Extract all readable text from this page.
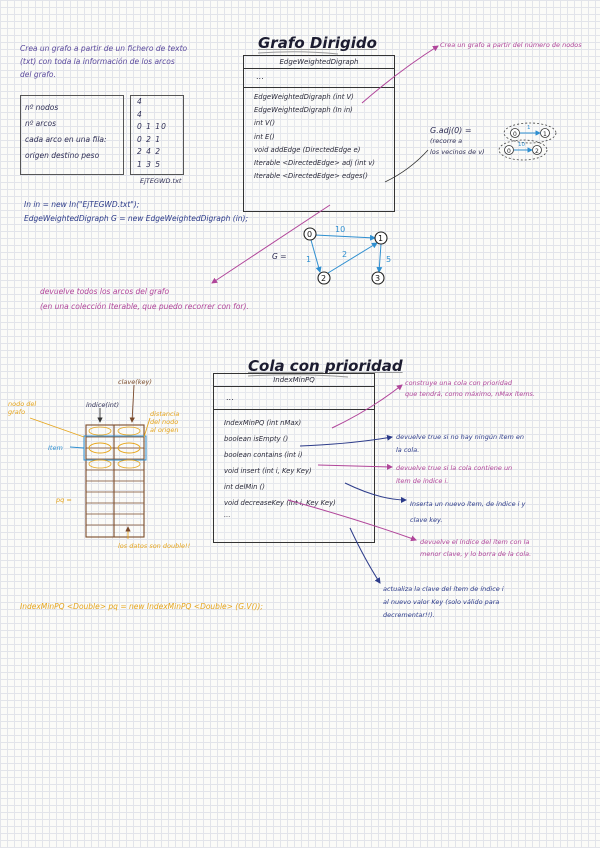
Grafo Dirigido
Crea un grafo a partir de un fichero de texto
(txt) con toda la información de los arcos
del grafo.
nº nodos
nº arcos
cada arco en una fila:
origen destino peso
4
4
0 1 10
0 2 1
2 4 2
1 3 5
EjTEGWD.txt
In in = new In("EjTEGWD.txt");
EdgeWeightedDigraph G = new EdgeWeightedDigraph (in);
EdgeWeightedDigraph
...
EdgeWeightedDigraph (int V)
EdgeWeightedDigraph (In in)
int V()
int E()
void addEdge (DirectedEdge e)
Iterable <DirectedEdge> adj (int v)
Iterable <DirectedEdge> edges()
Crea un grafo a partir del número de nodos
G.adj(0) =
(recorre a
los vecinos de v)
G =
devuelve todos los arcos del grafo
(en una colección Iterable, que puedo recorrer con for).
Cola con prioridad
IndexMinPQ
...
IndexMinPQ (int nMax)
boolean isEmpty ()
boolean contains (int i)
void insert (int i, Key Key)
int delMin ()
void decreaseKey (int i, Key Key)
...
clave(key)
índice(int)
nodo del
grafo	distancia
del nodo
al origen
Item
pq =
los datos son double!!
IndexMinPQ <Double> pq = new IndexMinPQ <Double> (G.V());
construye una cola con prioridad
que tendrá, como máximo, nMax ítems.
devuelve true si no hay ningún ítem en
la cola.
devuelve true si la cola contiene un
ítem de índice i.
Inserta un nuevo ítem, de índice i y
clave key.
devuelve el índice del ítem con la
menor clave, y lo borra de la cola.
actualiza la clave del ítem de índice i
al nuevo valor Key (solo válido para
decrementar!!).
0	1
1
0	2
10
0	1
2	3
10
1
2
5
